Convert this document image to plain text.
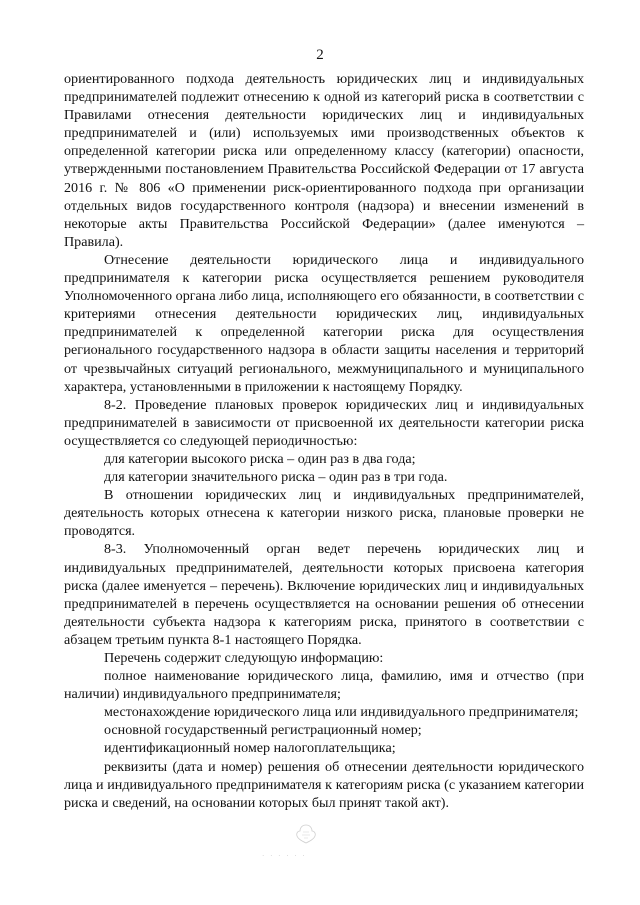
2

ориентированного подхода деятельность юридических лиц и индивидуальных предпринимателей подлежит отнесению к одной из категорий риска в соответствии с Правилами отнесения деятельности юридических лиц и индивидуальных предпринимателей и (или) используемых ими производственных объектов к определенной категории риска или определенному классу (категории) опасности, утвержденными постановлением Правительства Российской Федерации от 17 августа 2016 г. № 806 «О применении риск-ориентированного подхода при организации отдельных видов государственного контроля (надзора) и внесении изменений в некоторые акты Правительства Российской Федерации» (далее именуются – Правила).

Отнесение деятельности юридического лица и индивидуального предпринимателя к категории риска осуществляется решением руководителя Уполномоченного органа либо лица, исполняющего его обязанности, в соответствии с критериями отнесения деятельности юридических лиц, индивидуальных предпринимателей к определенной категории риска для осуществления регионального государственного надзора в области защиты населения и территорий от чрезвычайных ситуаций регионального, межмуниципального и муниципального характера, установленными в приложении к настоящему Порядку.

8-2. Проведение плановых проверок юридических лиц и индивидуальных предпринимателей в зависимости от присвоенной их деятельности категории риска осуществляется со следующей периодичностью:

для категории высокого риска – один раз в два года;

для категории значительного риска – один раз в три года.

В отношении юридических лиц и индивидуальных предпринимателей, деятельность которых отнесена к категории низкого риска, плановые проверки не проводятся.

8-3. Уполномоченный орган ведет перечень юридических лиц и индивидуальных предпринимателей, деятельности которых присвоена категория риска (далее именуется – перечень). Включение юридических лиц и индивидуальных предпринимателей в перечень осуществляется на основании решения об отнесении деятельности субъекта надзора к категориям риска, принятого в соответствии с абзацем третьим пункта 8-1 настоящего Порядка.

Перечень содержит следующую информацию:

полное наименование юридического лица, фамилию, имя и отчество (при наличии) индивидуального предпринимателя;

местонахождение юридического лица или индивидуального предпринимателя;

основной государственный регистрационный номер;

идентификационный номер налогоплательщика;

реквизиты (дата и номер) решения об отнесении деятельности юридического лица и индивидуального предпринимателя к категориям риска (с указанием категории риска и сведений, на основании которых был принят такой акт).

· · · · · ·
